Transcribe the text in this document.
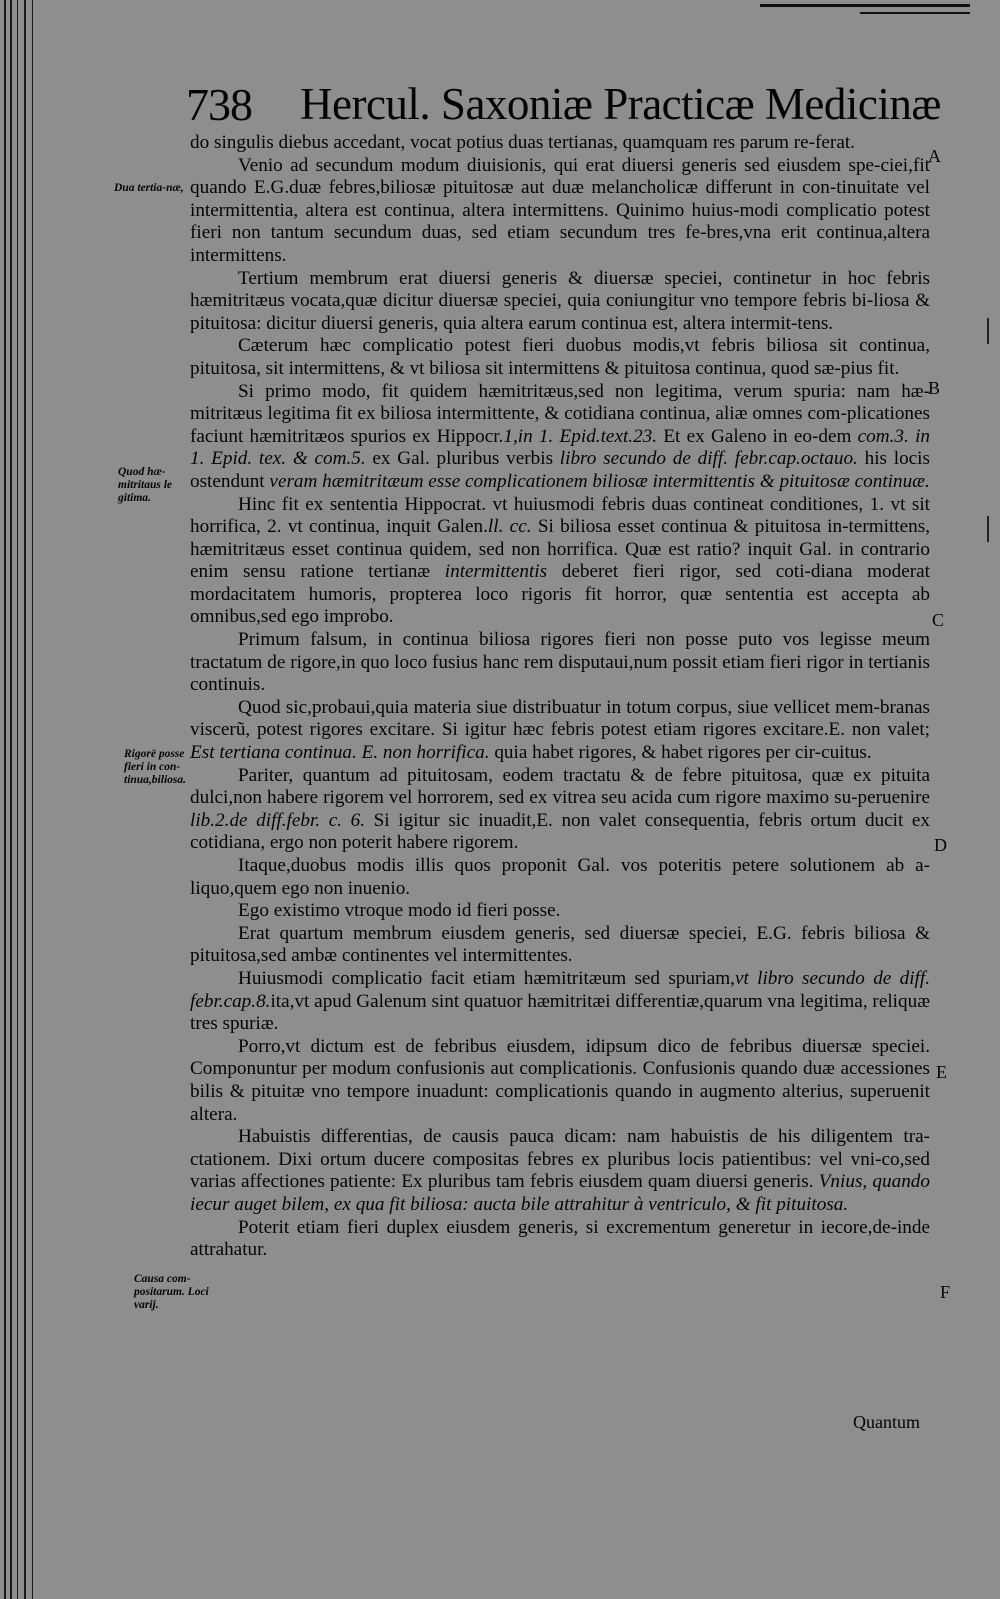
738 Hercul. Saxoniæ Practicæ Medicinæ
Dua tertia-næ,
Quod hæ-mitritaus le gitima.
Rigorë posse fieri in con-tinua,biliosa.
Causa com-positarum. Loci varij.
A
B
C
D
E
F

do singulis diebus accedant, vocat potius duas tertianas, quamquam res parum re-ferat.

Venio ad secundum modum diuisionis, qui erat diuersi generis sed eiusdem spe-ciei,fit quando E.G.duæ febres,biliosæ pituitosæ aut duæ melancholicæ differunt in con-tinuitate vel intermittentia, altera est continua, altera intermittens. Quinimo huius-modi complicatio potest fieri non tantum secundum duas, sed etiam secundum tres fe-bres,vna erit continua,altera intermittens.

Tertium membrum erat diuersi generis & diuersæ speciei, continetur in hoc febris hæmitritæus vocata,quæ dicitur diuersæ speciei, quia coniungitur vno tempore febris bi-liosa & pituitosa: dicitur diuersi generis, quia altera earum continua est, altera intermit-tens.

Cæterum hæc complicatio potest fieri duobus modis,vt febris biliosa sit continua, pituitosa, sit intermittens, & vt biliosa sit intermittens & pituitosa continua, quod sæ-pius fit.

Si primo modo, fit quidem hæmitritæus,sed non legitima, verum spuria: nam hæ-mitritæus legitima fit ex biliosa intermittente, & cotidiana continua, aliæ omnes com-plicationes faciunt hæmitritæos spurios ex Hippocr.1,in 1. Epid.text.23. Et ex Galeno in eo-dem com.3. in 1. Epid. tex. & com.5. ex Gal. pluribus verbis libro secundo de diff. febr.cap.octauo. his locis ostendunt veram hæmitritæum esse complicationem biliosæ intermittentis & pituitosæ continuæ.

Hinc fit ex sententia Hippocrat. vt huiusmodi febris duas contineat conditiones, 1. vt sit horrifica, 2. vt continua, inquit Galen.ll. cc. Si biliosa esset continua & pituitosa in-termittens, hæmitritæus esset continua quidem, sed non horrifica. Quæ est ratio? inquit Gal. in contrario enim sensu ratione tertianæ intermittentis deberet fieri rigor, sed coti-diana moderat mordacitatem humoris, propterea loco rigoris fit horror, quæ sententia est accepta ab omnibus,sed ego improbo.

Primum falsum, in continua biliosa rigores fieri non posse puto vos legisse meum tractatum de rigore,in quo loco fusius hanc rem disputaui,num possit etiam fieri rigor in tertianis continuis.

Quod sic,probaui,quia materia siue distribuatur in totum corpus, siue vellicet mem-branas viscerũ, potest rigores excitare. Si igitur hæc febris potest etiam rigores excitare.E. non valet; Est tertiana continua. E. non horrifica. quia habet rigores, & habet rigores per cir-cuitus.

Pariter, quantum ad pituitosam, eodem tractatu & de febre pituitosa, quæ ex pituita dulci,non habere rigorem vel horrorem, sed ex vitrea seu acida cum rigore maximo su-peruenire lib.2.de diff.febr. c. 6. Si igitur sic inuadit,E. non valet consequentia, febris ortum ducit ex cotidiana, ergo non poterit habere rigorem.

Itaque,duobus modis illis quos proponit Gal. vos poteritis petere solutionem ab a-liquo,quem ego non inuenio.

Ego existimo vtroque modo id fieri posse.

Erat quartum membrum eiusdem generis, sed diuersæ speciei, E.G. febris biliosa & pituitosa,sed ambæ continentes vel intermittentes.

Huiusmodi complicatio facit etiam hæmitritæum sed spuriam,vt libro secundo de diff. febr.cap.8.ita,vt apud Galenum sint quatuor hæmitritæi differentiæ,quarum vna legitima, reliquæ tres spuriæ.

Porro,vt dictum est de febribus eiusdem, idipsum dico de febribus diuersæ speciei. Componuntur per modum confusionis aut complicationis. Confusionis quando duæ accessiones bilis & pituitæ vno tempore inuadunt: complicationis quando in augmento alterius, superuenit altera.

Habuistis differentias, de causis pauca dicam: nam habuistis de his diligentem tra-ctationem. Dixi ortum ducere compositas febres ex pluribus locis patientibus: vel vni-co,sed varias affectiones patiente: Ex pluribus tam febris eiusdem quam diuersi generis. Vnius, quando iecur auget bilem, ex qua fit biliosa: aucta bile attrahitur à ventriculo, & fit pituitosa.

Poterit etiam fieri duplex eiusdem generis, si excrementum generetur in iecore,de-inde attrahatur.

Quantum
